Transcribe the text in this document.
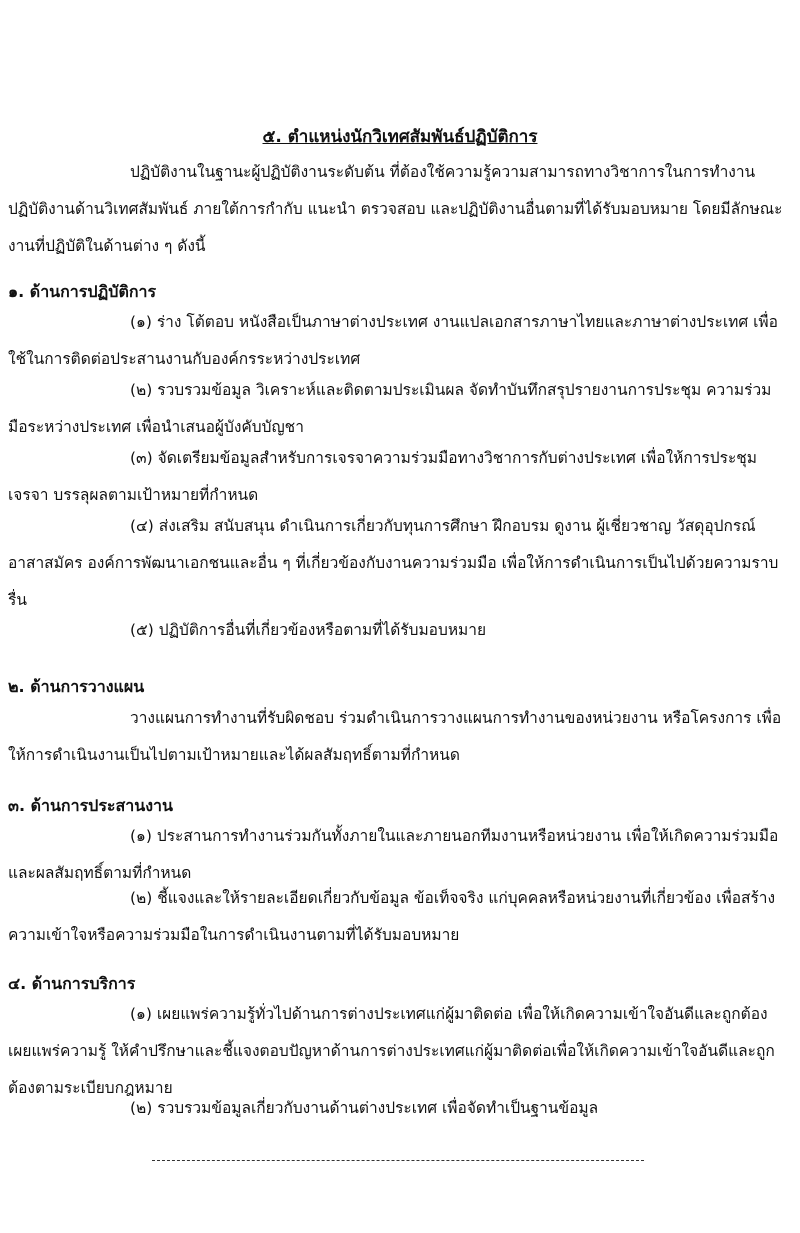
๕. ตำแหน่งนักวิเทศสัมพันธ์ปฏิบัติการ

ปฏิบัติงานในฐานะผู้ปฏิบัติงานระดับต้น ที่ต้องใช้ความรู้ความสามารถทางวิชาการในการทำงาน ปฏิบัติงานด้านวิเทศสัมพันธ์ ภายใต้การกำกับ แนะนำ ตรวจสอบ และปฏิบัติงานอื่นตามที่ได้รับมอบหมาย โดยมีลักษณะงานที่ปฏิบัติในด้านต่าง ๆ ดังนี้

๑. ด้านการปฏิบัติการ

(๑) ร่าง โต้ตอบ หนังสือเป็นภาษาต่างประเทศ งานแปลเอกสารภาษาไทยและภาษาต่างประเทศ เพื่อใช้ในการติดต่อประสานงานกับองค์กรระหว่างประเทศ

(๒) รวบรวมข้อมูล วิเคราะห์และติดตามประเมินผล จัดทำบันทึกสรุปรายงานการประชุม ความร่วมมือระหว่างประเทศ เพื่อนำเสนอผู้บังคับบัญชา

(๓) จัดเตรียมข้อมูลสำหรับการเจรจาความร่วมมือทางวิชาการกับต่างประเทศ เพื่อให้การประชุมเจรจา บรรลุผลตามเป้าหมายที่กำหนด

(๔) ส่งเสริม สนับสนุน ดำเนินการเกี่ยวกับทุนการศึกษา ฝึกอบรม ดูงาน ผู้เชี่ยวชาญ วัสดุอุปกรณ์ อาสาสมัคร องค์การพัฒนาเอกชนและอื่น ๆ ที่เกี่ยวข้องกับงานความร่วมมือ เพื่อให้การดำเนินการเป็นไปด้วยความราบรื่น

(๕) ปฏิบัติการอื่นที่เกี่ยวข้องหรือตามที่ได้รับมอบหมาย

๒. ด้านการวางแผน

วางแผนการทำงานที่รับผิดชอบ ร่วมดำเนินการวางแผนการทำงานของหน่วยงาน หรือโครงการ เพื่อให้การดำเนินงานเป็นไปตามเป้าหมายและได้ผลสัมฤทธิ์ตามที่กำหนด

๓. ด้านการประสานงาน

(๑) ประสานการทำงานร่วมกันทั้งภายในและภายนอกทีมงานหรือหน่วยงาน เพื่อให้เกิดความร่วมมือและผลสัมฤทธิ์ตามที่กำหนด

(๒) ชี้แจงและให้รายละเอียดเกี่ยวกับข้อมูล ข้อเท็จจริง แก่บุคคลหรือหน่วยงานที่เกี่ยวข้อง เพื่อสร้างความเข้าใจหรือความร่วมมือในการดำเนินงานตามที่ได้รับมอบหมาย

๔. ด้านการบริการ

(๑) เผยแพร่ความรู้ทั่วไปด้านการต่างประเทศแก่ผู้มาติดต่อ เพื่อให้เกิดความเข้าใจอันดีและถูกต้อง เผยแพร่ความรู้ ให้คำปรึกษาและชี้แจงตอบปัญหาด้านการต่างประเทศแก่ผู้มาติดต่อเพื่อให้เกิดความเข้าใจอันดีและถูกต้องตามระเบียบกฎหมาย

(๒) รวบรวมข้อมูลเกี่ยวกับงานด้านต่างประเทศ เพื่อจัดทำเป็นฐานข้อมูล
